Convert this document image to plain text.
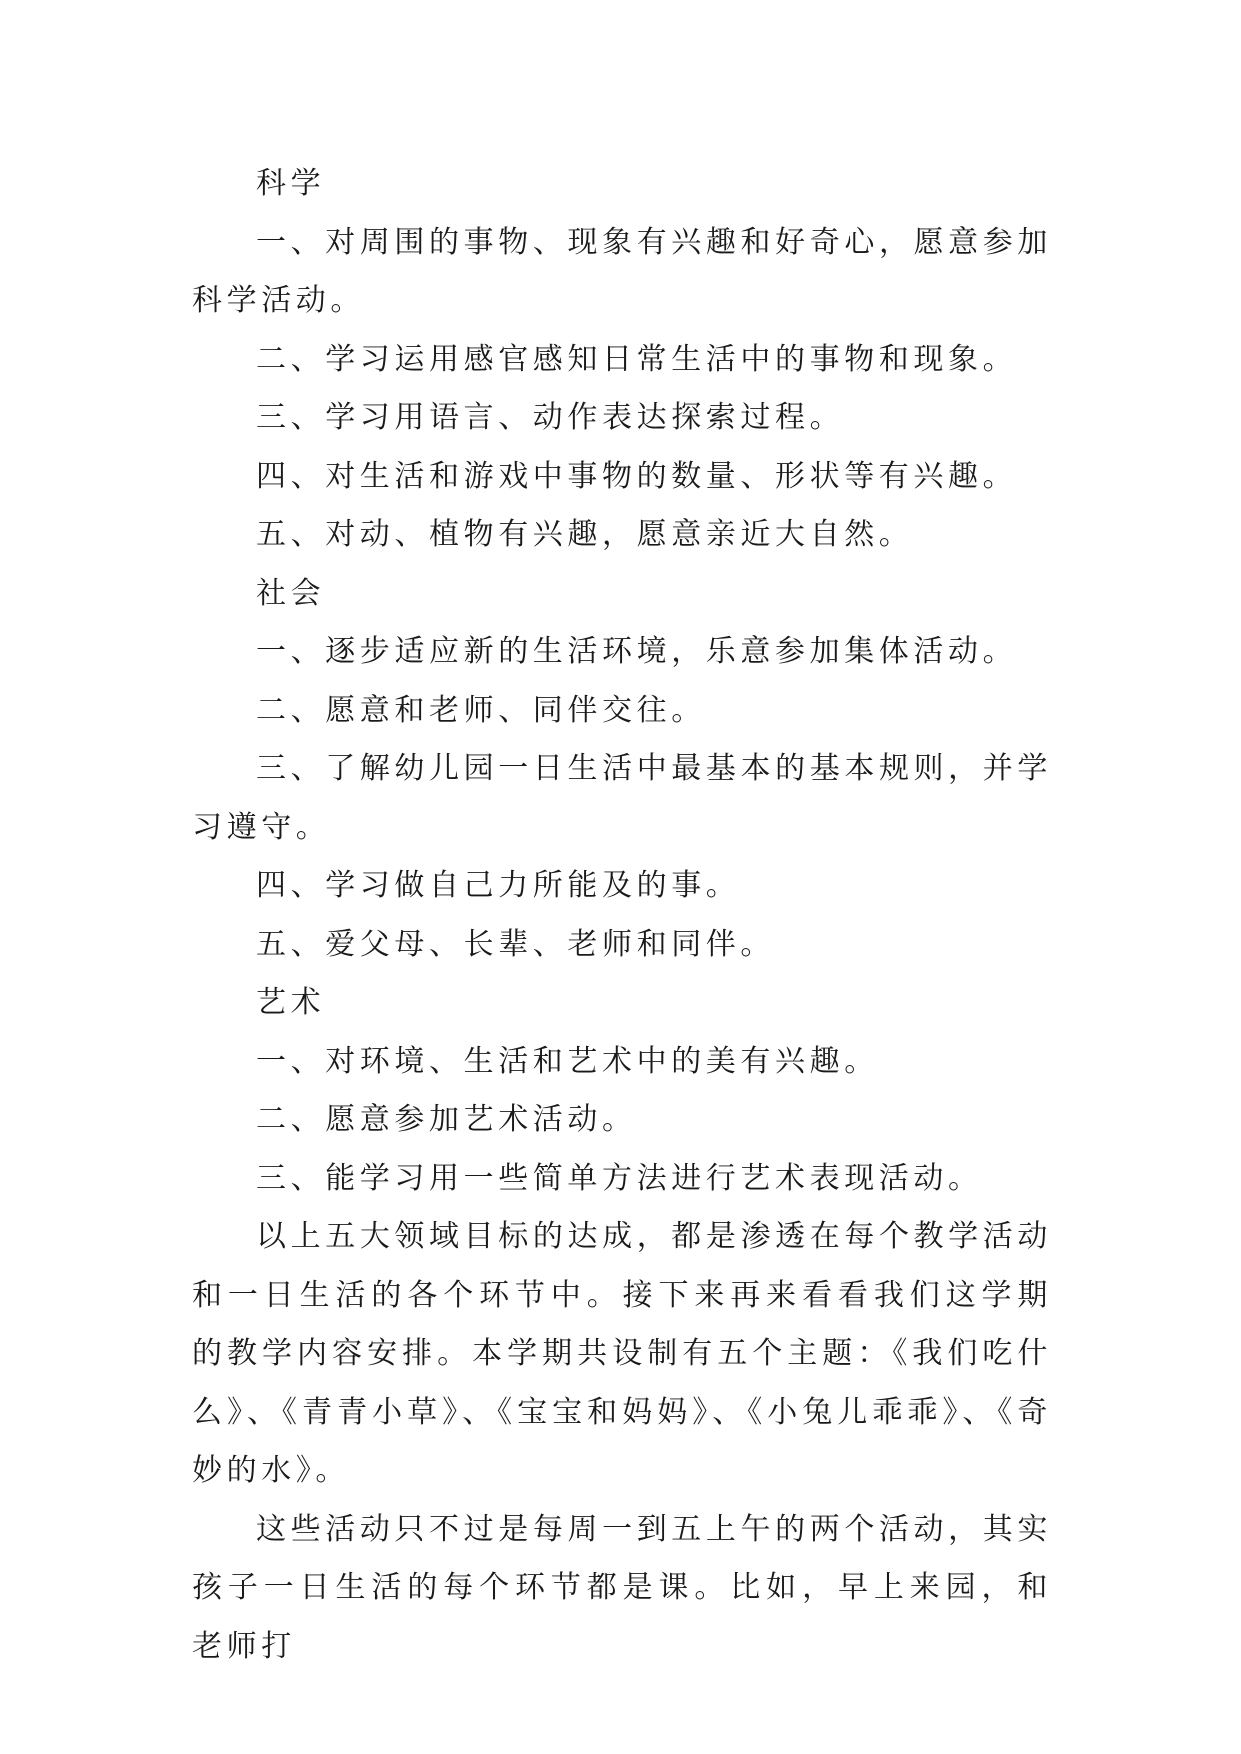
科学

一、对周围的事物、现象有兴趣和好奇心，愿意参加科学活动。

二、学习运用感官感知日常生活中的事物和现象。

三、学习用语言、动作表达探索过程。

四、对生活和游戏中事物的数量、形状等有兴趣。

五、对动、植物有兴趣，愿意亲近大自然。

社会

一、逐步适应新的生活环境，乐意参加集体活动。

二、愿意和老师、同伴交往。

三、了解幼儿园一日生活中最基本的基本规则，并学习遵守。

四、学习做自己力所能及的事。

五、爱父母、长辈、老师和同伴。

艺术

一、对环境、生活和艺术中的美有兴趣。

二、愿意参加艺术活动。

三、能学习用一些简单方法进行艺术表现活动。

以上五大领域目标的达成，都是渗透在每个教学活动和一日生活的各个环节中。接下来再来看看我们这学期的教学内容安排。本学期共设制有五个主题：《我们吃什么》、《青青小草》、《宝宝和妈妈》、《小兔儿乖乖》、《奇妙的水》。

这些活动只不过是每周一到五上午的两个活动，其实孩子一日生活的每个环节都是课。比如，早上来园，和老师打
